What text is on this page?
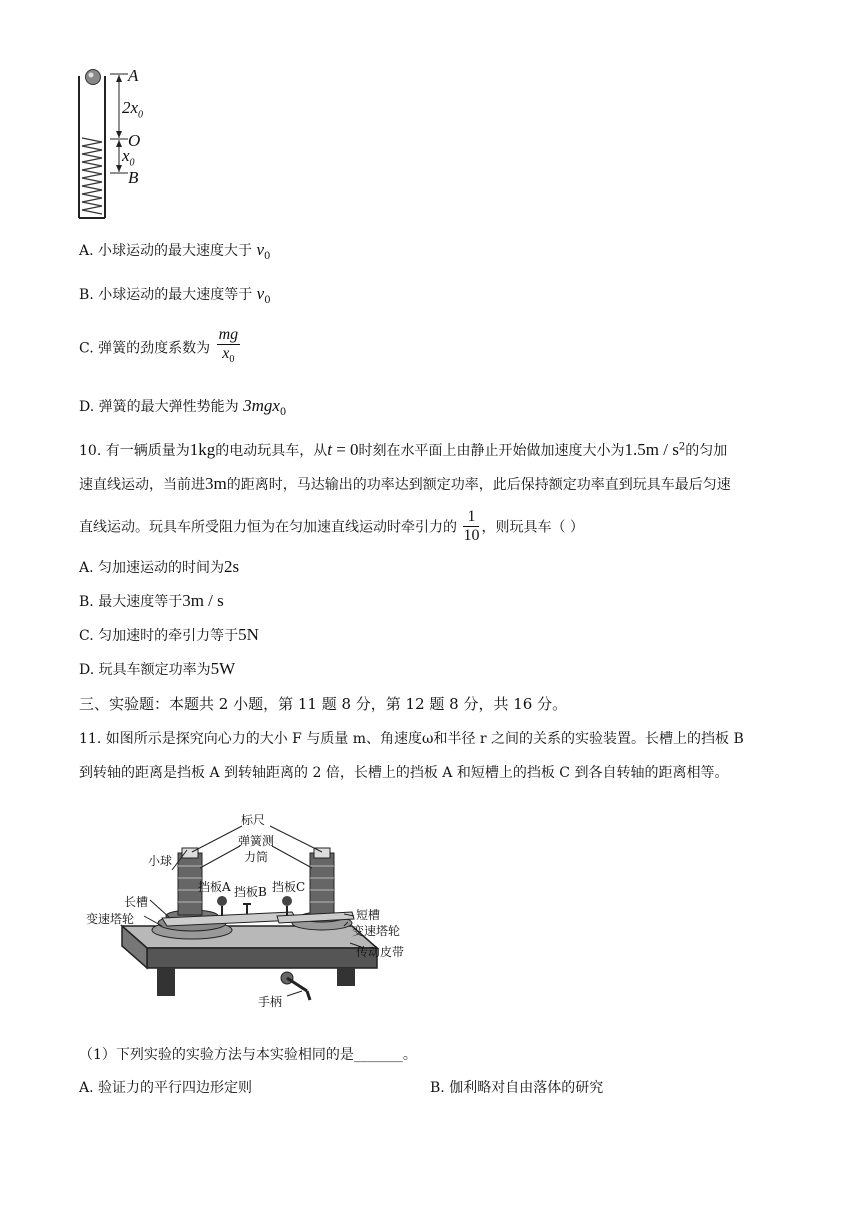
A
$2x_0$
O
$x_0$
B
A. 小球运动的最大速度大于 $v_0$
B. 小球运动的最大速度等于 $v_0$
C. 弹簧的劲度系数为 $\frac{mg}{x_0}$
D. 弹簧的最大弹性势能为 3mgx$_0$
10. 有一辆质量为1kg的电动玩具车，从t = 0时刻在水平面上由静止开始做加速度大小为$1.5m / s^2$的匀加
速直线运动，当前进3m的距离时，马达输出的功率达到额定功率，此后保持额定功率直到玩具车最后匀速
直线运动。玩具车所受阻力恒为在匀加速直线运动时牵引力的 $\frac{1}{10}$ ，则玩具车（ ）
A. 匀加速运动的时间为2s
B. 最大速度等于3m / s
C. 匀加速时的牵引力等于5N
D. 玩具车额定功率为5W
三、实验题：本题共 2 小题，第 11 题 8 分，第 12 题 8 分，共 16 分。
11. 如图所示是探究向心力的大小 F 与质量 m、角速度ω和半径 r 之间的关系的实验装置。长槽上的挡板 B
到转轴的距离是挡板 A 到转轴距离的 2 倍，长槽上的挡板 A 和短槽上的挡板 C 到各自转轴的距离相等。
标尺
弹簧测
力筒
小球
挡板A 挡板B 挡板C
长槽
短槽
变速塔轮
变速塔轮
传动皮带
手柄
（1）下列实验的实验方法与本实验相同的是_______。
A. 验证力的平行四边形定则	B. 伽利略对自由落体的研究
